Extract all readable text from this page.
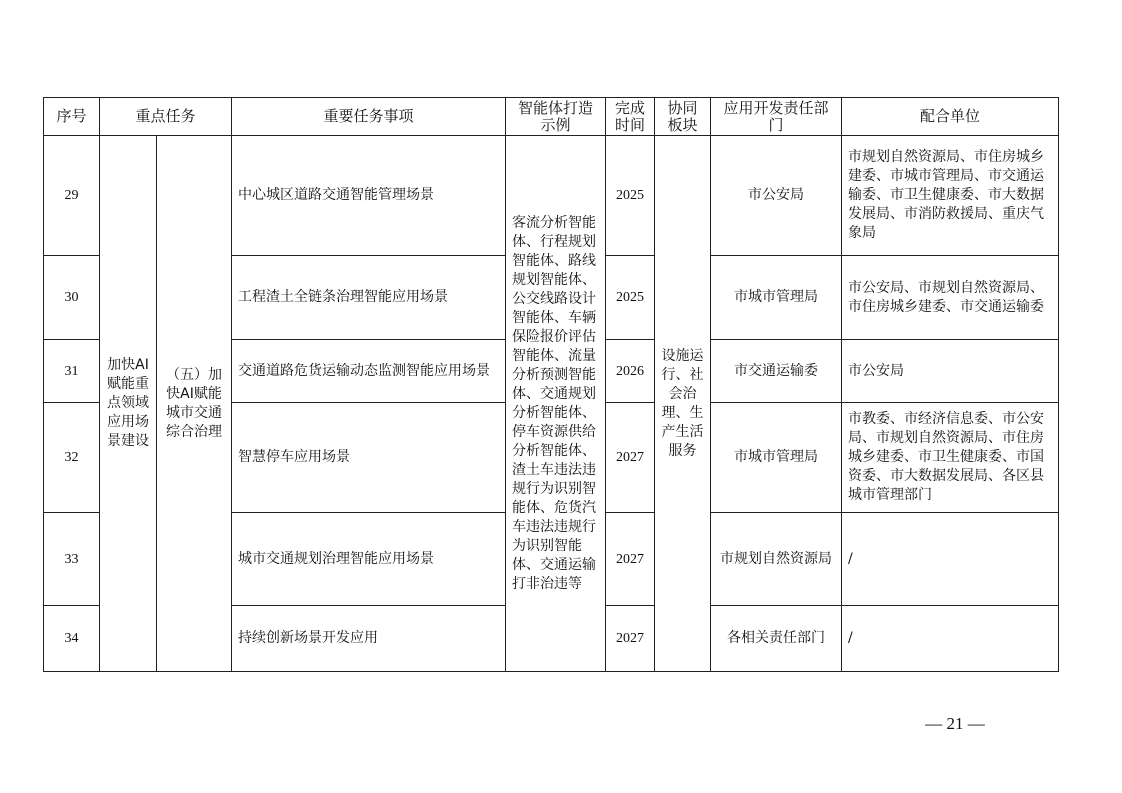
序号	重点任务		重要任务事项	智能体打造示例	完成时间	协同板块	应用开发责任部门	配合单位
29	加快AI赋能重点领域应用场景建设	（五）加快AI赋能城市交通综合治理	中心城区道路交通智能管理场景	客流分析智能体、行程规划智能体、路线规划智能体、公交线路设计智能体、车辆保险报价评估智能体、流量分析预测智能体、交通规划分析智能体、停车资源供给分析智能体、渣土车违法违规行为识别智能体、危货汽车违法违规行为识别智能体、交通运输打非治违等	2025	设施运行、社会治理、生产生活服务	市公安局	市规划自然资源局、市住房城乡建委、市城市管理局、市交通运输委、市卫生健康委、市大数据发展局、市消防救援局、重庆气象局
30			工程渣土全链条治理智能应用场景		2025		市城市管理局	市公安局、市规划自然资源局、市住房城乡建委、市交通运输委
31			交通道路危货运输动态监测智能应用场景		2026		市交通运输委	市公安局
32			智慧停车应用场景		2027		市城市管理局	市教委、市经济信息委、市公安局、市规划自然资源局、市住房城乡建委、市卫生健康委、市国资委、市大数据发展局、各区县城市管理部门
33			城市交通规划治理智能应用场景		2027		市规划自然资源局	/
34			持续创新场景开发应用		2027		各相关责任部门	/
— 21 —
